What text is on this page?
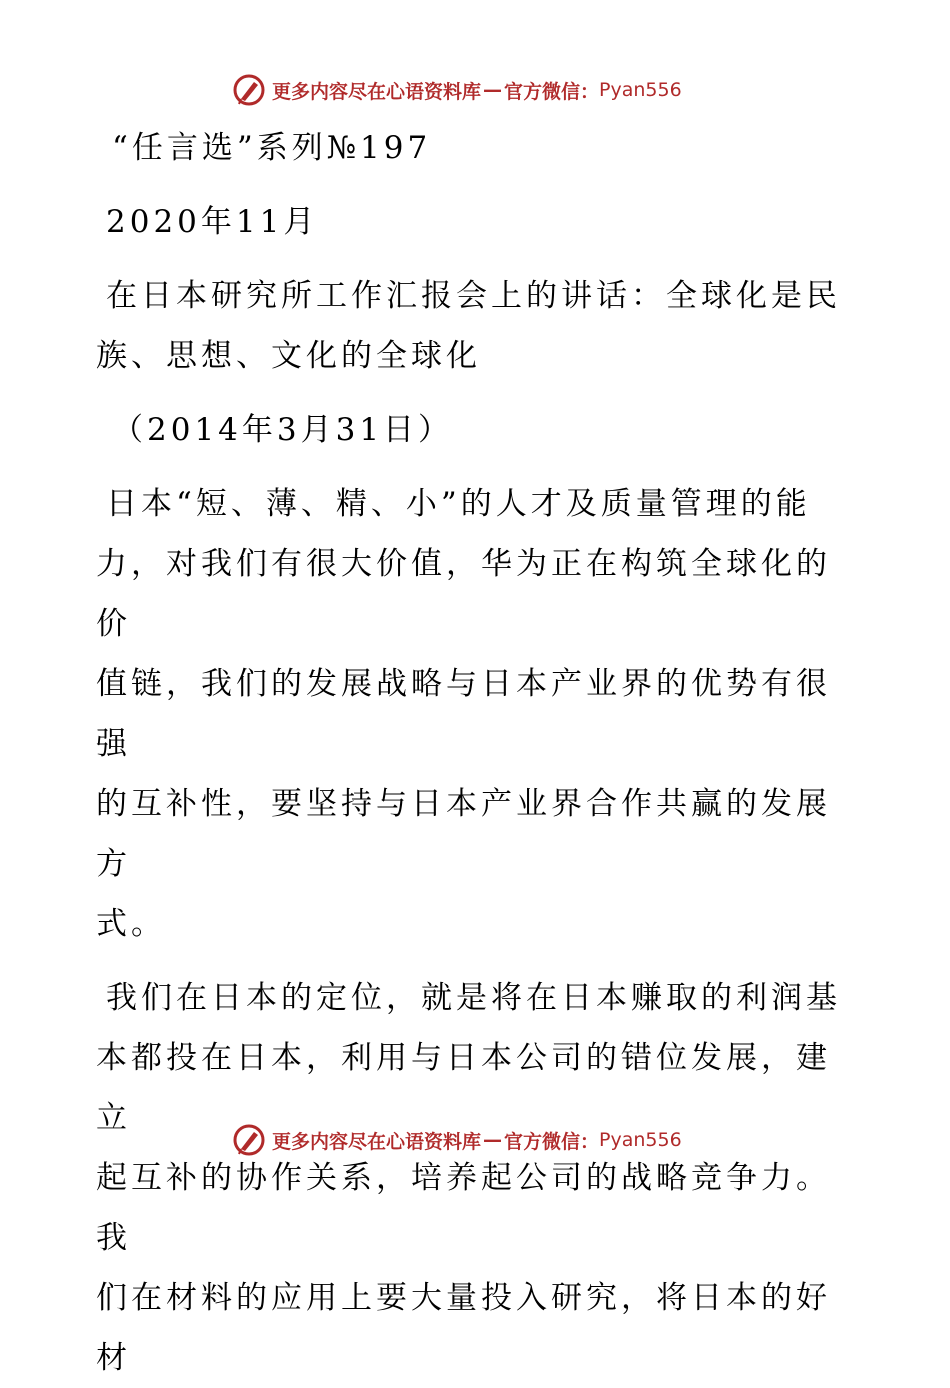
更多内容尽在心语资料库 — 官方微信： Pyan556

“任言选”系列№197

2020年11月

在日本研究所工作汇报会上的讲话：全球化是民

族、思想、文化的全球化

（2014年3月31日）

日本“短、薄、精、小”的人才及质量管理的能

力，对我们有很大价值，华为正在构筑全球化的价

值链，我们的发展战略与日本产业界的优势有很强

的互补性，要坚持与日本产业界合作共赢的发展方

式。

我们在日本的定位，就是将在日本赚取的利润基

本都投在日本，利用与日本公司的错位发展，建立

起互补的协作关系，培养起公司的战略竞争力。我

们在材料的应用上要大量投入研究，将日本的好材

更多内容尽在心语资料库 — 官方微信： Pyan556
